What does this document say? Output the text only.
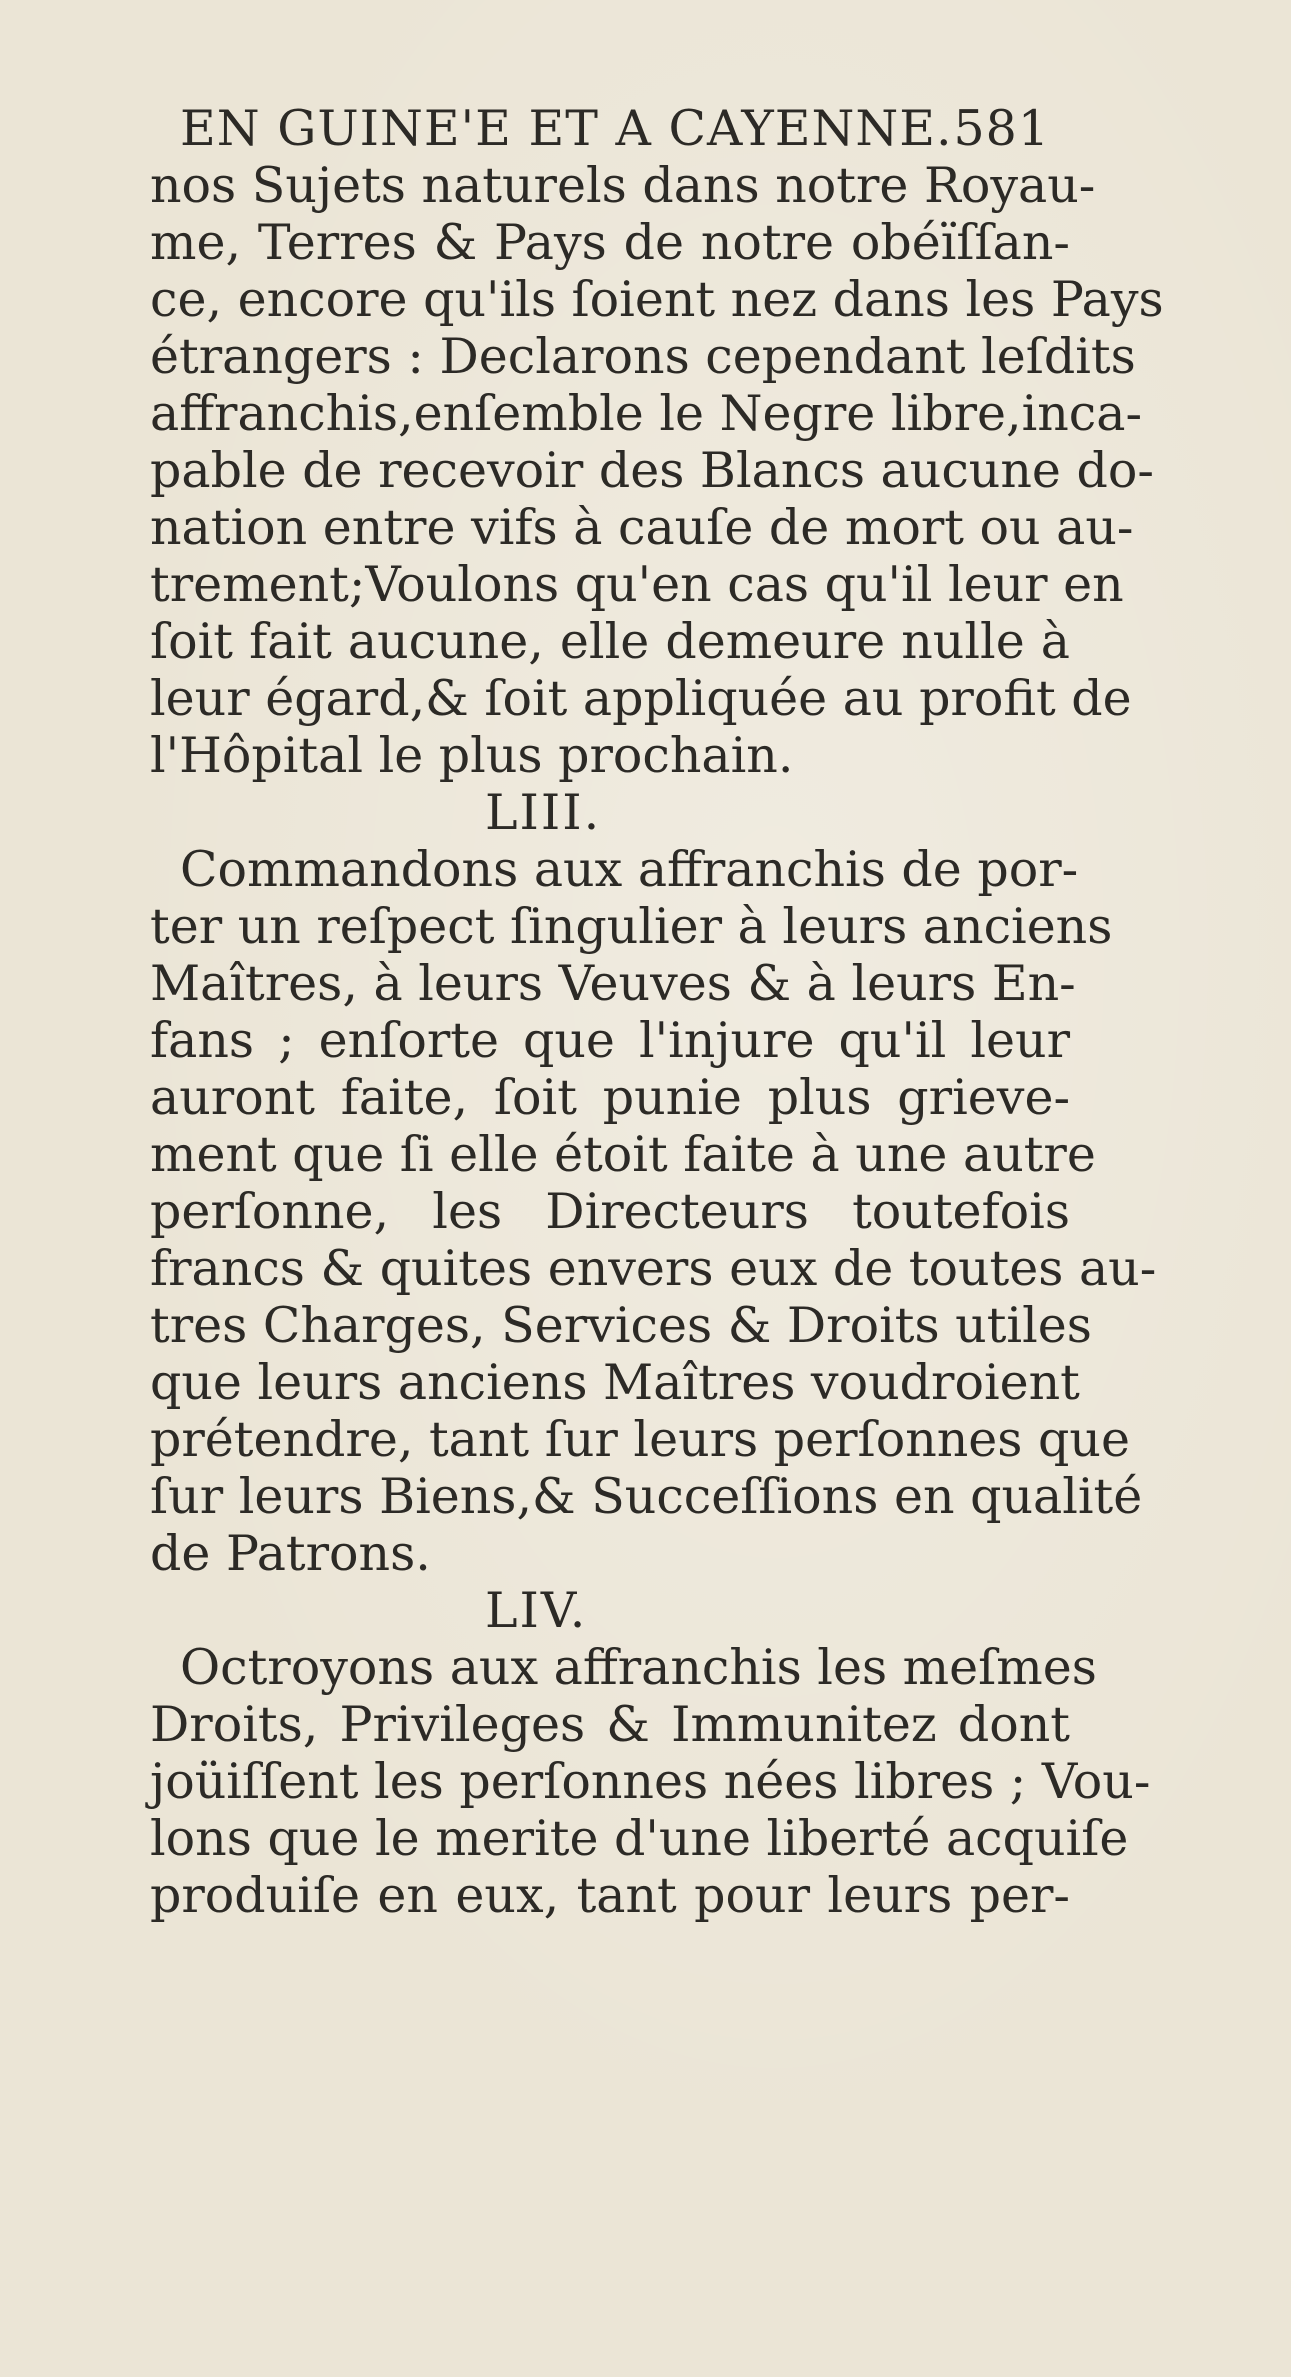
EN GUINE'E ET A CAYENNE. 581
nos Sujets naturels dans notre Royau-
me, Terres & Pays de notre obéïſſan-
ce, encore qu'ils ſoient nez dans les Pays
étrangers : Declarons cependant leſdits
affranchis,enſemble le Negre libre,inca-
pable de recevoir des Blancs aucune do-
nation entre vifs à cauſe de mort ou au-
trement;Voulons qu'en cas qu'il leur en
ſoit fait aucune, elle demeure nulle à
leur égard,& ſoit appliquée au profit de
l'Hôpital le plus prochain.
LIII.
Commandons aux affranchis de por-
ter un reſpect ſingulier à leurs anciens
Maîtres, à leurs Veuves & à leurs En-
fans ; enſorte que l'injure qu'il leur
auront faite, ſoit punie plus grieve-
ment que ſi elle étoit faite à une autre
perſonne, les Directeurs toutefois
francs & quites envers eux de toutes au-
tres Charges, Services & Droits utiles
que leurs anciens Maîtres voudroient
prétendre, tant ſur leurs perſonnes que
ſur leurs Biens,& Succeſſions en qualité
de Patrons.
LIV.
Octroyons aux affranchis les meſmes
Droits, Privileges & Immunitez dont
joüiſſent les perſonnes nées libres ; Vou-
lons que le merite d'une liberté acquiſe
produiſe en eux, tant pour leurs per-
